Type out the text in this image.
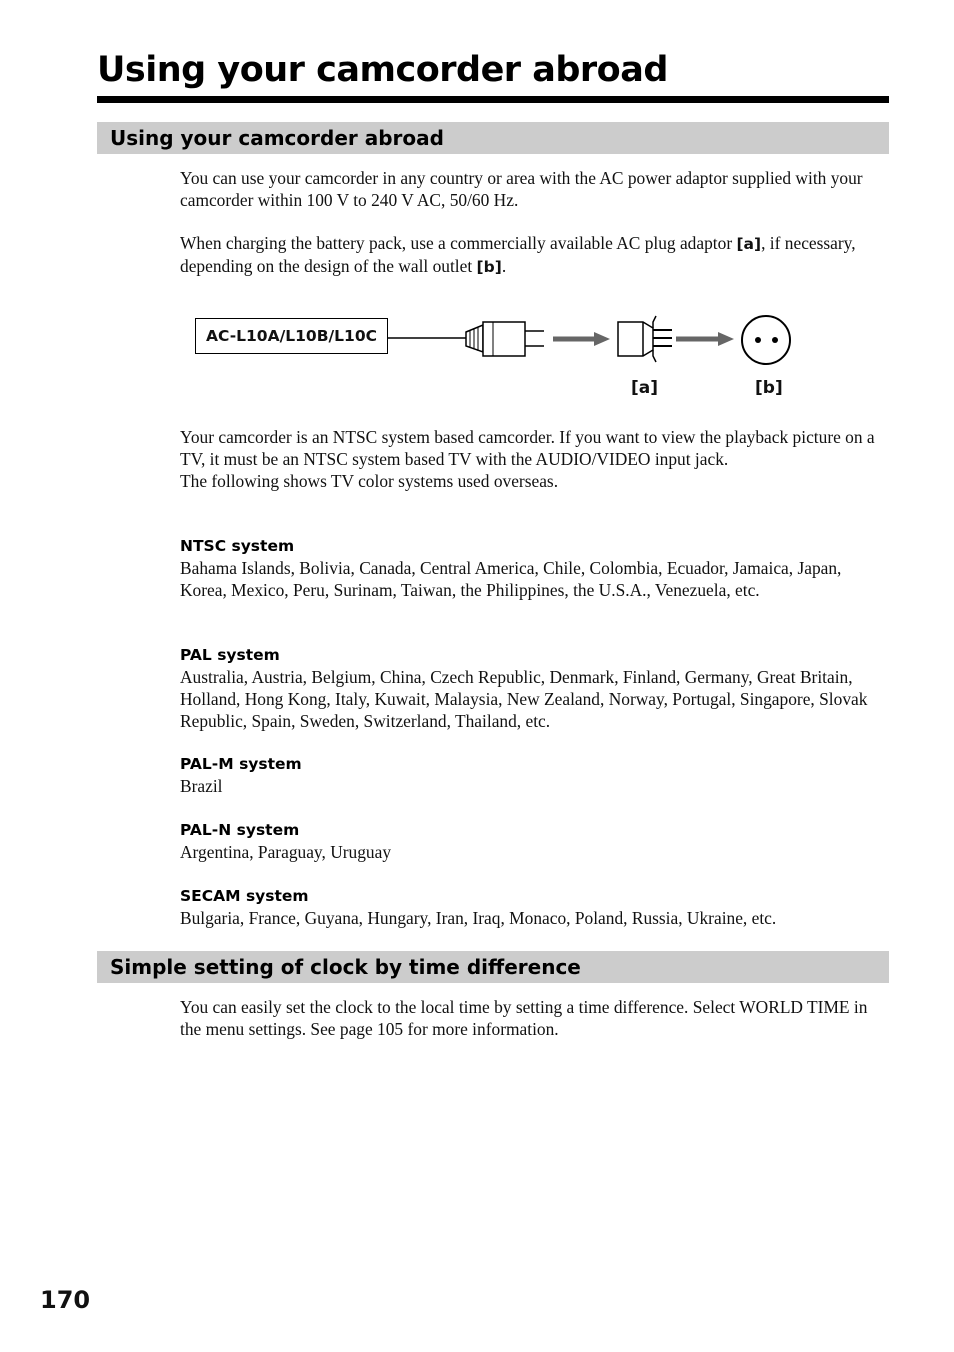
Using your camcorder abroad
Using your camcorder abroad

You can use your camcorder in any country or area with the AC power adaptor supplied with your camcorder within 100 V to 240 V AC, 50/60 Hz.

When charging the battery pack, use a commercially available AC plug adaptor [a], if necessary, depending on the design of the wall outlet [b].

AC-L10A/L10B/L10C
[a]	[b]
Your camcorder is an NTSC system based camcorder. If you want to view the playback picture on a TV, it must be an NTSC system based TV with the AUDIO/VIDEO input jack.
The following shows TV color systems used overseas.
NTSC system
Bahama Islands, Bolivia, Canada, Central America, Chile, Colombia, Ecuador, Jamaica, Japan, Korea, Mexico, Peru, Surinam, Taiwan, the Philippines, the U.S.A., Venezuela, etc.
PAL system
Australia, Austria, Belgium, China, Czech Republic, Denmark, Finland, Germany, Great Britain, Holland, Hong Kong, Italy, Kuwait, Malaysia, New Zealand, Norway, Portugal, Singapore, Slovak Republic, Spain, Sweden, Switzerland, Thailand, etc.
PAL-M system
Brazil
PAL-N system
Argentina, Paraguay, Uruguay
SECAM system
Bulgaria, France, Guyana, Hungary, Iran, Iraq, Monaco, Poland, Russia, Ukraine, etc.
Simple setting of clock by time difference

You can easily set the clock to the local time by setting a time difference. Select WORLD TIME in the menu settings. See page 105 for more information.

170
